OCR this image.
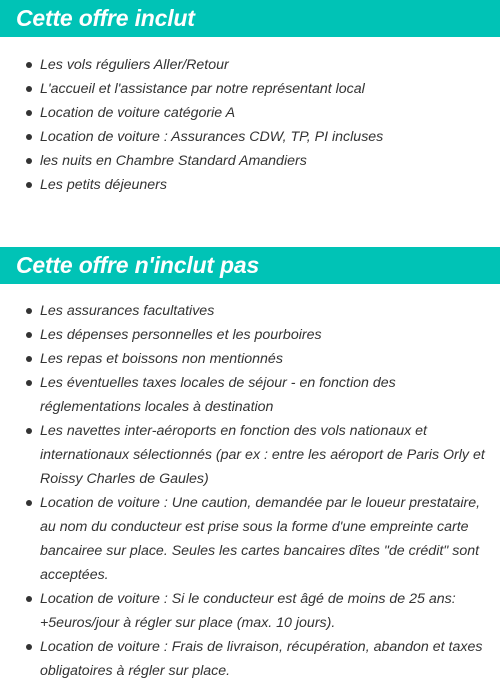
Cette offre inclut
Les vols réguliers Aller/Retour
L'accueil et l'assistance par notre représentant local
Location de voiture catégorie A
Location de voiture : Assurances CDW, TP, PI incluses
les nuits en Chambre Standard Amandiers
Les petits déjeuners
Cette offre n'inclut pas
Les assurances facultatives
Les dépenses personnelles et les pourboires
Les repas et boissons non mentionnés
Les éventuelles taxes locales de séjour - en fonction des réglementations locales à destination
Les navettes inter-aéroports en fonction des vols nationaux et internationaux sélectionnés (par ex : entre les aéroport de Paris Orly et Roissy Charles de Gaules)
Location de voiture : Une caution, demandée par le loueur prestataire, au nom du conducteur est prise sous la forme d'une empreinte carte bancairee sur place. Seules les cartes bancaires dîtes "de crédit" sont acceptées.
Location de voiture : Si le conducteur est âgé de moins de 25 ans: +5euros/jour à régler sur place (max. 10 jours).
Location de voiture : Frais de livraison, récupération, abandon et taxes obligatoires à régler sur place.
